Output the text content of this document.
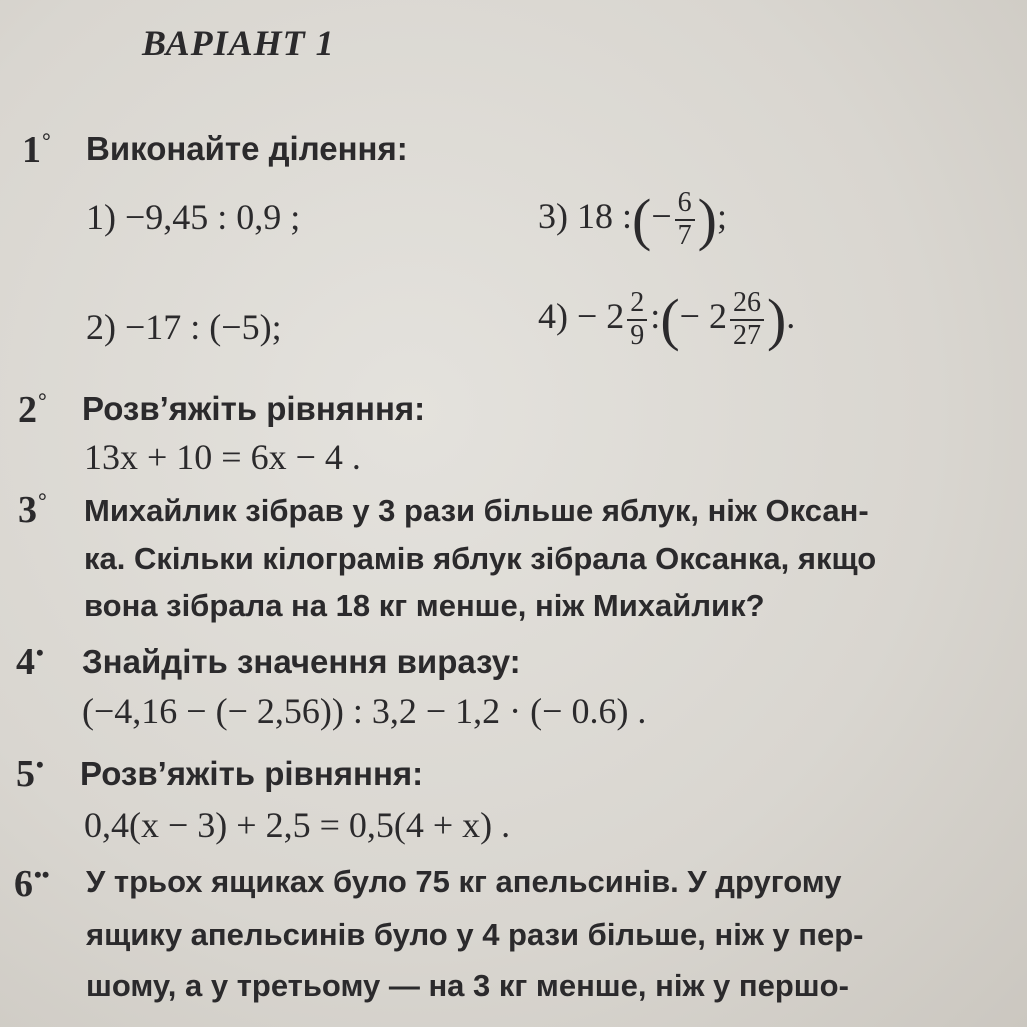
ВАРІАНТ 1
1° Виконайте ділення:
1) −9,45 : 0,9 ;
2) −17 : (−5);
3) 18 :(− $\frac{6}{7}$ );
$4) - 2 \frac{2}{9}$ :(− $2 \frac{26}{27}$ ).
2° Розв’яжіть рівняння:
13x + 10 = 6x − 4 .
3° Михайлик зібрав у 3 рази більше яблук, ніж Оксан-
ка. Скільки кілограмів яблук зібрала Оксанка, якщо
вона зібрала на 18 кг менше, ніж Михайлик?
4• Знайдіть значення виразу:
(−4,16 − (− 2,56)) : 3,2 − 1,2 · (− 0.6) .
5• Розв’яжіть рівняння:
0,4(x − 3) + 2,5 = 0,5(4 + x) .
6•• У трьох ящиках було 75 кг апельсинів. У другому
ящику апельсинів було у 4 рази більше, ніж у пер-
шому, а у третьому — на 3 кг менше, ніж у першо-
